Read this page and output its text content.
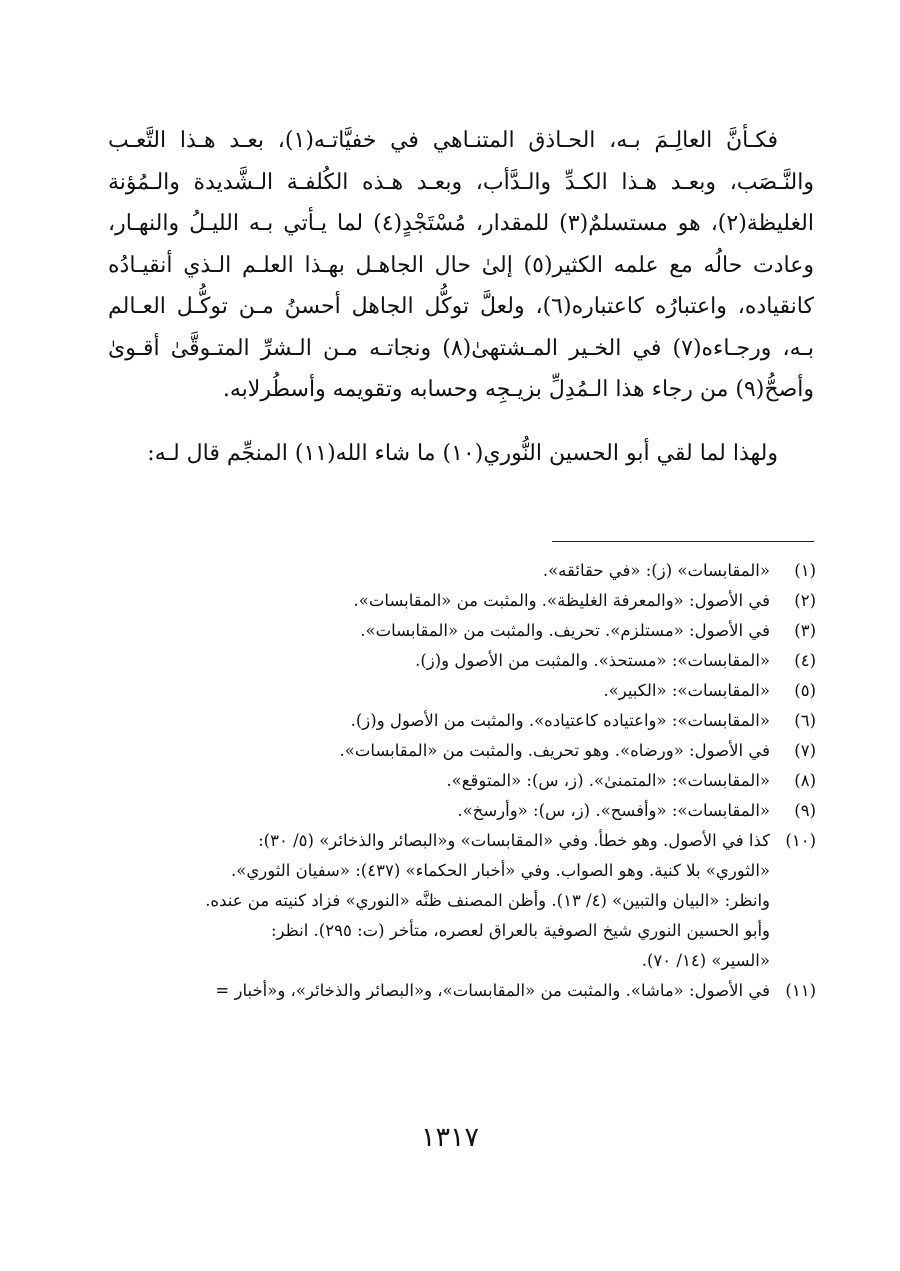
فكـأنَّ العالِـمَ بـه، الحـاذق المتنـاهي في خفيَّاتـه(١)، بعـد هـذا التَّعـب والنَّـصَب، وبعـد هـذا الكـدِّ والـدَّأب، وبعـد هـذه الكُلفـة الـشَّديدة والـمُؤنة الغليظة(٢)، هو مستسلمٌ(٣) للمقدار، مُسْتَجْدٍ(٤) لما يـأتي بـه الليـلُ والنهـار، وعادت حالُه مع علمه الكثير(٥) إلىٰ حال الجاهـل بهـذا العلـم الـذي أنقيـادُه كانقياده، واعتبارُه كاعتباره(٦)، ولعلَّ توكُّل الجاهل أحسنُ مـن توكُّـل العـالم بـه، ورجـاءه(٧) في الخـير المـشتهىٰ(٨) ونجاتـه مـن الـشرِّ المتـوقَّىٰ أقـوىٰ وأصحُّ(٩) من رجاء هذا الـمُدِلِّ بزيـجِه وحسابه وتقويمه وأسطُرلابه.

ولهذا لما لقي أبو الحسين النُّوري(١٠) ما شاء الله(١١) المنجِّم قال لـه:

(١)
«المقابسات» (ز): «في حقائقه».
(٢)
في الأصول: «والمعرفة الغليظة». والمثبت من «المقابسات».
(٣)
في الأصول: «مستلزم». تحريف. والمثبت من «المقابسات».
(٤)
«المقابسات»: «مستحذ». والمثبت من الأصول و(ز).
(٥)
«المقابسات»: «الكبير».
(٦)
«المقابسات»: «واعتياده كاعتياده». والمثبت من الأصول و(ز).
(٧)
في الأصول: «ورضاه». وهو تحريف. والمثبت من «المقابسات».
(٨)
«المقابسات»: «المتمنىٰ». (ز، س): «المتوقع».
(٩)
«المقابسات»: «وأفسح». (ز، س): «وأرسخ».
(١٠)
كذا في الأصول. وهو خطأ. وفي «المقابسات» و«البصائر والذخائر» (٥/ ٣٠):
«الثوري» بلا كنية. وهو الصواب. وفي «أخبار الحكماء» (٤٣٧): «سفيان الثوري».
وانظر: «البيان والتبين» (٤/ ١٣). وأظن المصنف ظنَّه «النوري» فزاد كنيته من عنده.
وأبو الحسين النوري شيخ الصوفية بالعراق لعصره، متأخر (ت: ٢٩٥). انظر:
«السير» (١٤/ ٧٠).
(١١)
في الأصول: «ماشا». والمثبت من «المقابسات»، و«البصائر والذخائر»، و«أخبار =
١٣١٧
